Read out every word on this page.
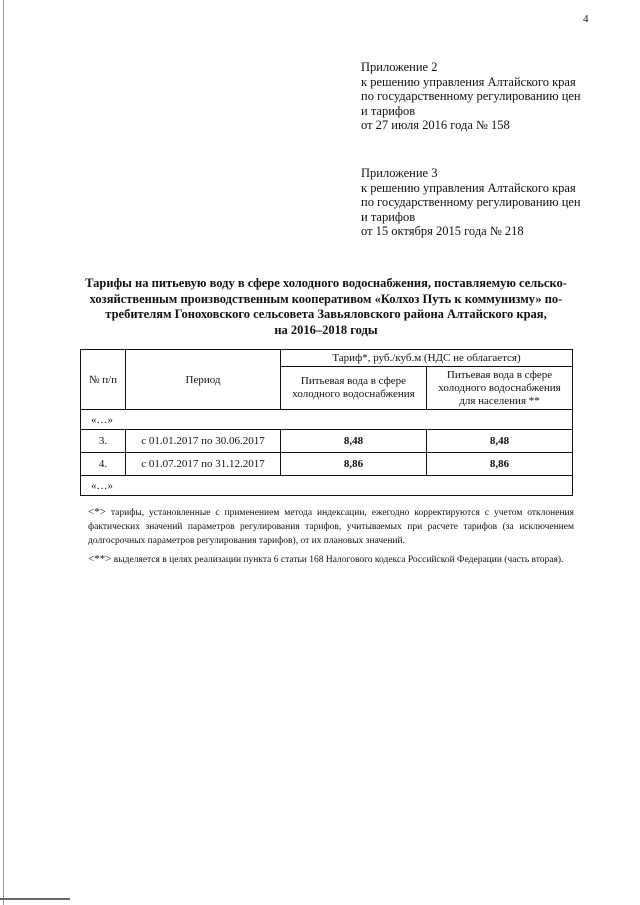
4
Приложение 2
к решению управления Алтайского края
по государственному регулированию цен
и тарифов
от 27 июля 2016 года № 158
Приложение 3
к решению управления Алтайского края
по государственному регулированию цен
и тарифов
от 15 октября 2015 года № 218
Тарифы на питьевую воду в сфере холодного водоснабжения, поставляемую сельско-
хозяйственным производственным кооперативом «Колхоз Путь к коммунизму» по-
требителям Гоноховского сельсовета Завьяловского района Алтайского края,
на 2016–2018 годы
№ п/п	Период	Тариф*, руб./куб.м (НДС не облагается)	
		Питьевая вода в сфере холодного водоснабжения	Питьевая вода в сфере холодного водоснабжения для населения **
«…»			
3.	с 01.01.2017 по 30.06.2017	8,48	8,48
4.	с 01.07.2017 по 31.12.2017	8,86	8,86
«…»			

<*> тарифы, установленные с применением метода индексации, ежегодно корректируются с учетом отклонения фактических значений параметров регулирования тарифов, учитываемых при расчете тарифов (за исключением долгосрочных параметров регулирования тарифов), от их плановых значений.

<**> выделяется в целях реализации пункта 6 статьи 168 Налогового кодекса Российской Федерации (часть вторая).
